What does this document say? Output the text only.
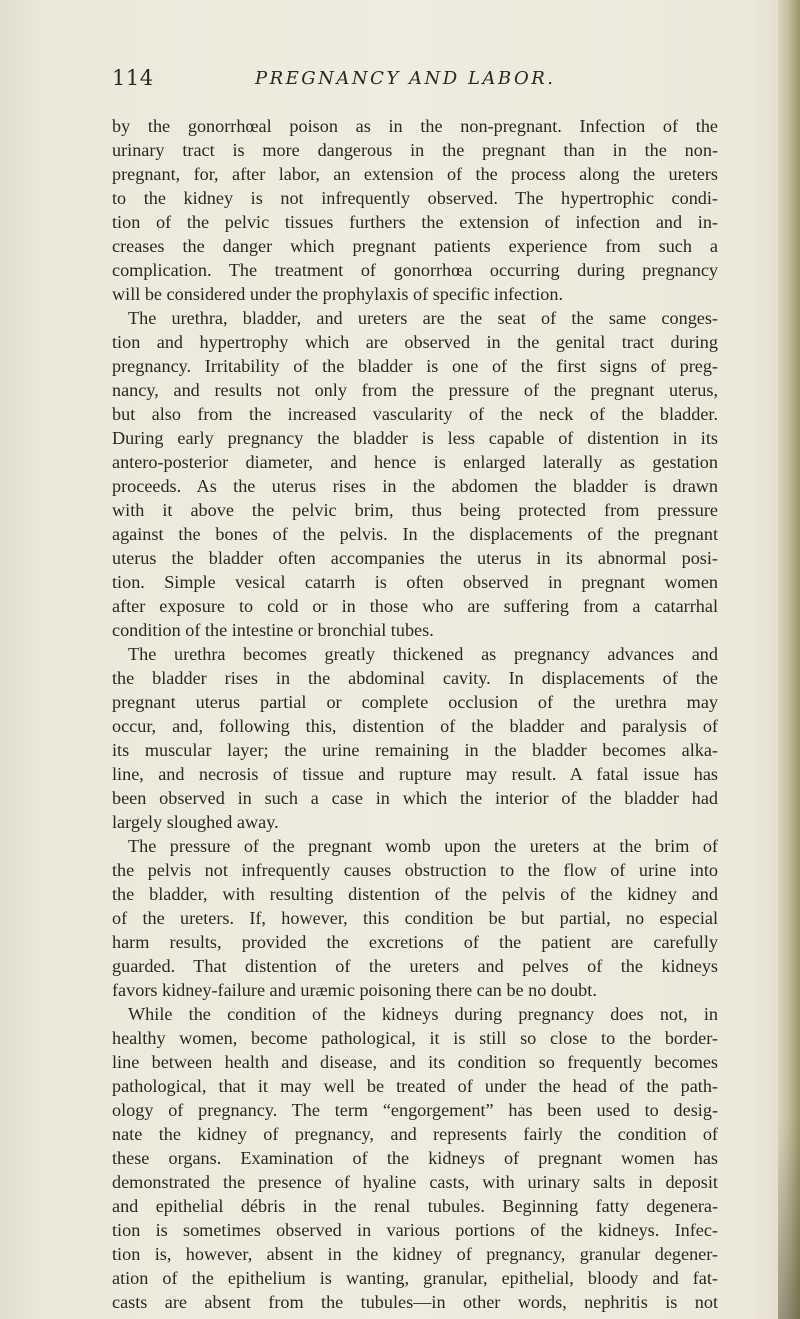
114	PREGNANCY AND LABOR.
by the gonorrhœal poison as in the non-pregnant. Infection of the
urinary tract is more dangerous in the pregnant than in the non-
pregnant, for, after labor, an extension of the process along the ureters
to the kidney is not infrequently observed. The hypertrophic condi-
tion of the pelvic tissues furthers the extension of infection and in-
creases the danger which pregnant patients experience from such a
complication. The treatment of gonorrhœa occurring during pregnancy
will be considered under the prophylaxis of specific infection.
The urethra, bladder, and ureters are the seat of the same conges-
tion and hypertrophy which are observed in the genital tract during
pregnancy. Irritability of the bladder is one of the first signs of preg-
nancy, and results not only from the pressure of the pregnant uterus,
but also from the increased vascularity of the neck of the bladder.
During early pregnancy the bladder is less capable of distention in its
antero-posterior diameter, and hence is enlarged laterally as gestation
proceeds. As the uterus rises in the abdomen the bladder is drawn
with it above the pelvic brim, thus being protected from pressure
against the bones of the pelvis. In the displacements of the pregnant
uterus the bladder often accompanies the uterus in its abnormal posi-
tion. Simple vesical catarrh is often observed in pregnant women
after exposure to cold or in those who are suffering from a catarrhal
condition of the intestine or bronchial tubes.
The urethra becomes greatly thickened as pregnancy advances and
the bladder rises in the abdominal cavity. In displacements of the
pregnant uterus partial or complete occlusion of the urethra may
occur, and, following this, distention of the bladder and paralysis of
its muscular layer; the urine remaining in the bladder becomes alka-
line, and necrosis of tissue and rupture may result. A fatal issue has
been observed in such a case in which the interior of the bladder had
largely sloughed away.
The pressure of the pregnant womb upon the ureters at the brim of
the pelvis not infrequently causes obstruction to the flow of urine into
the bladder, with resulting distention of the pelvis of the kidney and
of the ureters. If, however, this condition be but partial, no especial
harm results, provided the excretions of the patient are carefully
guarded. That distention of the ureters and pelves of the kidneys
favors kidney-failure and uræmic poisoning there can be no doubt.
While the condition of the kidneys during pregnancy does not, in
healthy women, become pathological, it is still so close to the border-
line between health and disease, and its condition so frequently becomes
pathological, that it may well be treated of under the head of the path-
ology of pregnancy. The term “engorgement” has been used to desig-
nate the kidney of pregnancy, and represents fairly the condition of
these organs. Examination of the kidneys of pregnant women has
demonstrated the presence of hyaline casts, with urinary salts in deposit
and epithelial débris in the renal tubules. Beginning fatty degenera-
tion is sometimes observed in various portions of the kidneys. Infec-
tion is, however, absent in the kidney of pregnancy, granular degener-
ation of the epithelium is wanting, granular, epithelial, bloody and fat-
casts are absent from the tubules—in other words, nephritis is not
